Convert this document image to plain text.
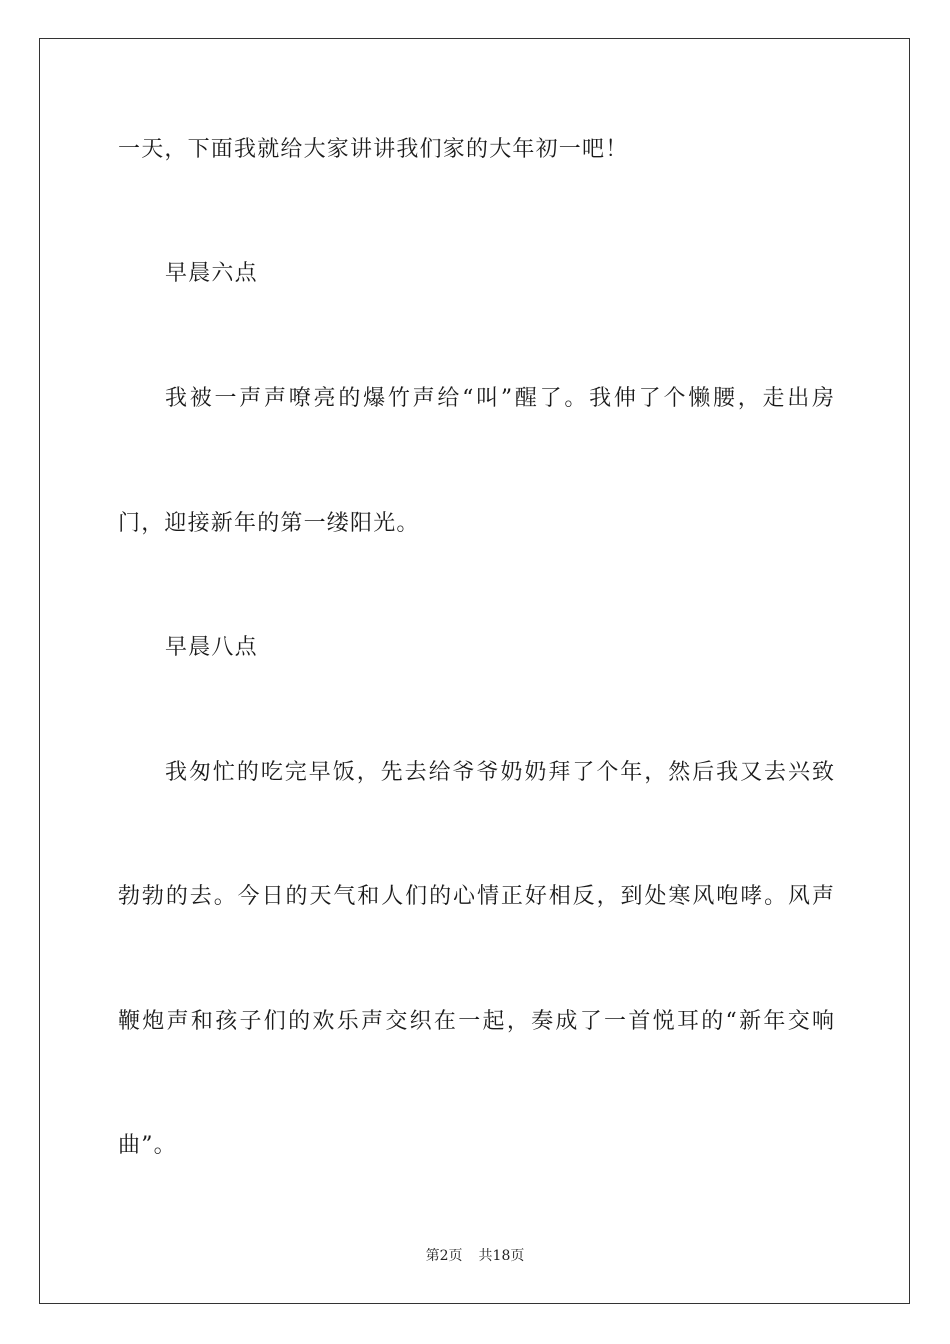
一天，下面我就给大家讲讲我们家的大年初一吧！
早晨六点
我被一声声嘹亮的爆竹声给“叫”醒了。我伸了个懒腰，走出房
门，迎接新年的第一缕阳光。
早晨八点
我匆忙的吃完早饭，先去给爷爷奶奶拜了个年，然后我又去兴致
勃勃的去。今日的天气和人们的心情正好相反，到处寒风咆哮。风声
鞭炮声和孩子们的欢乐声交织在一起，奏成了一首悦耳的“新年交响
曲”。
第2页 共18页
